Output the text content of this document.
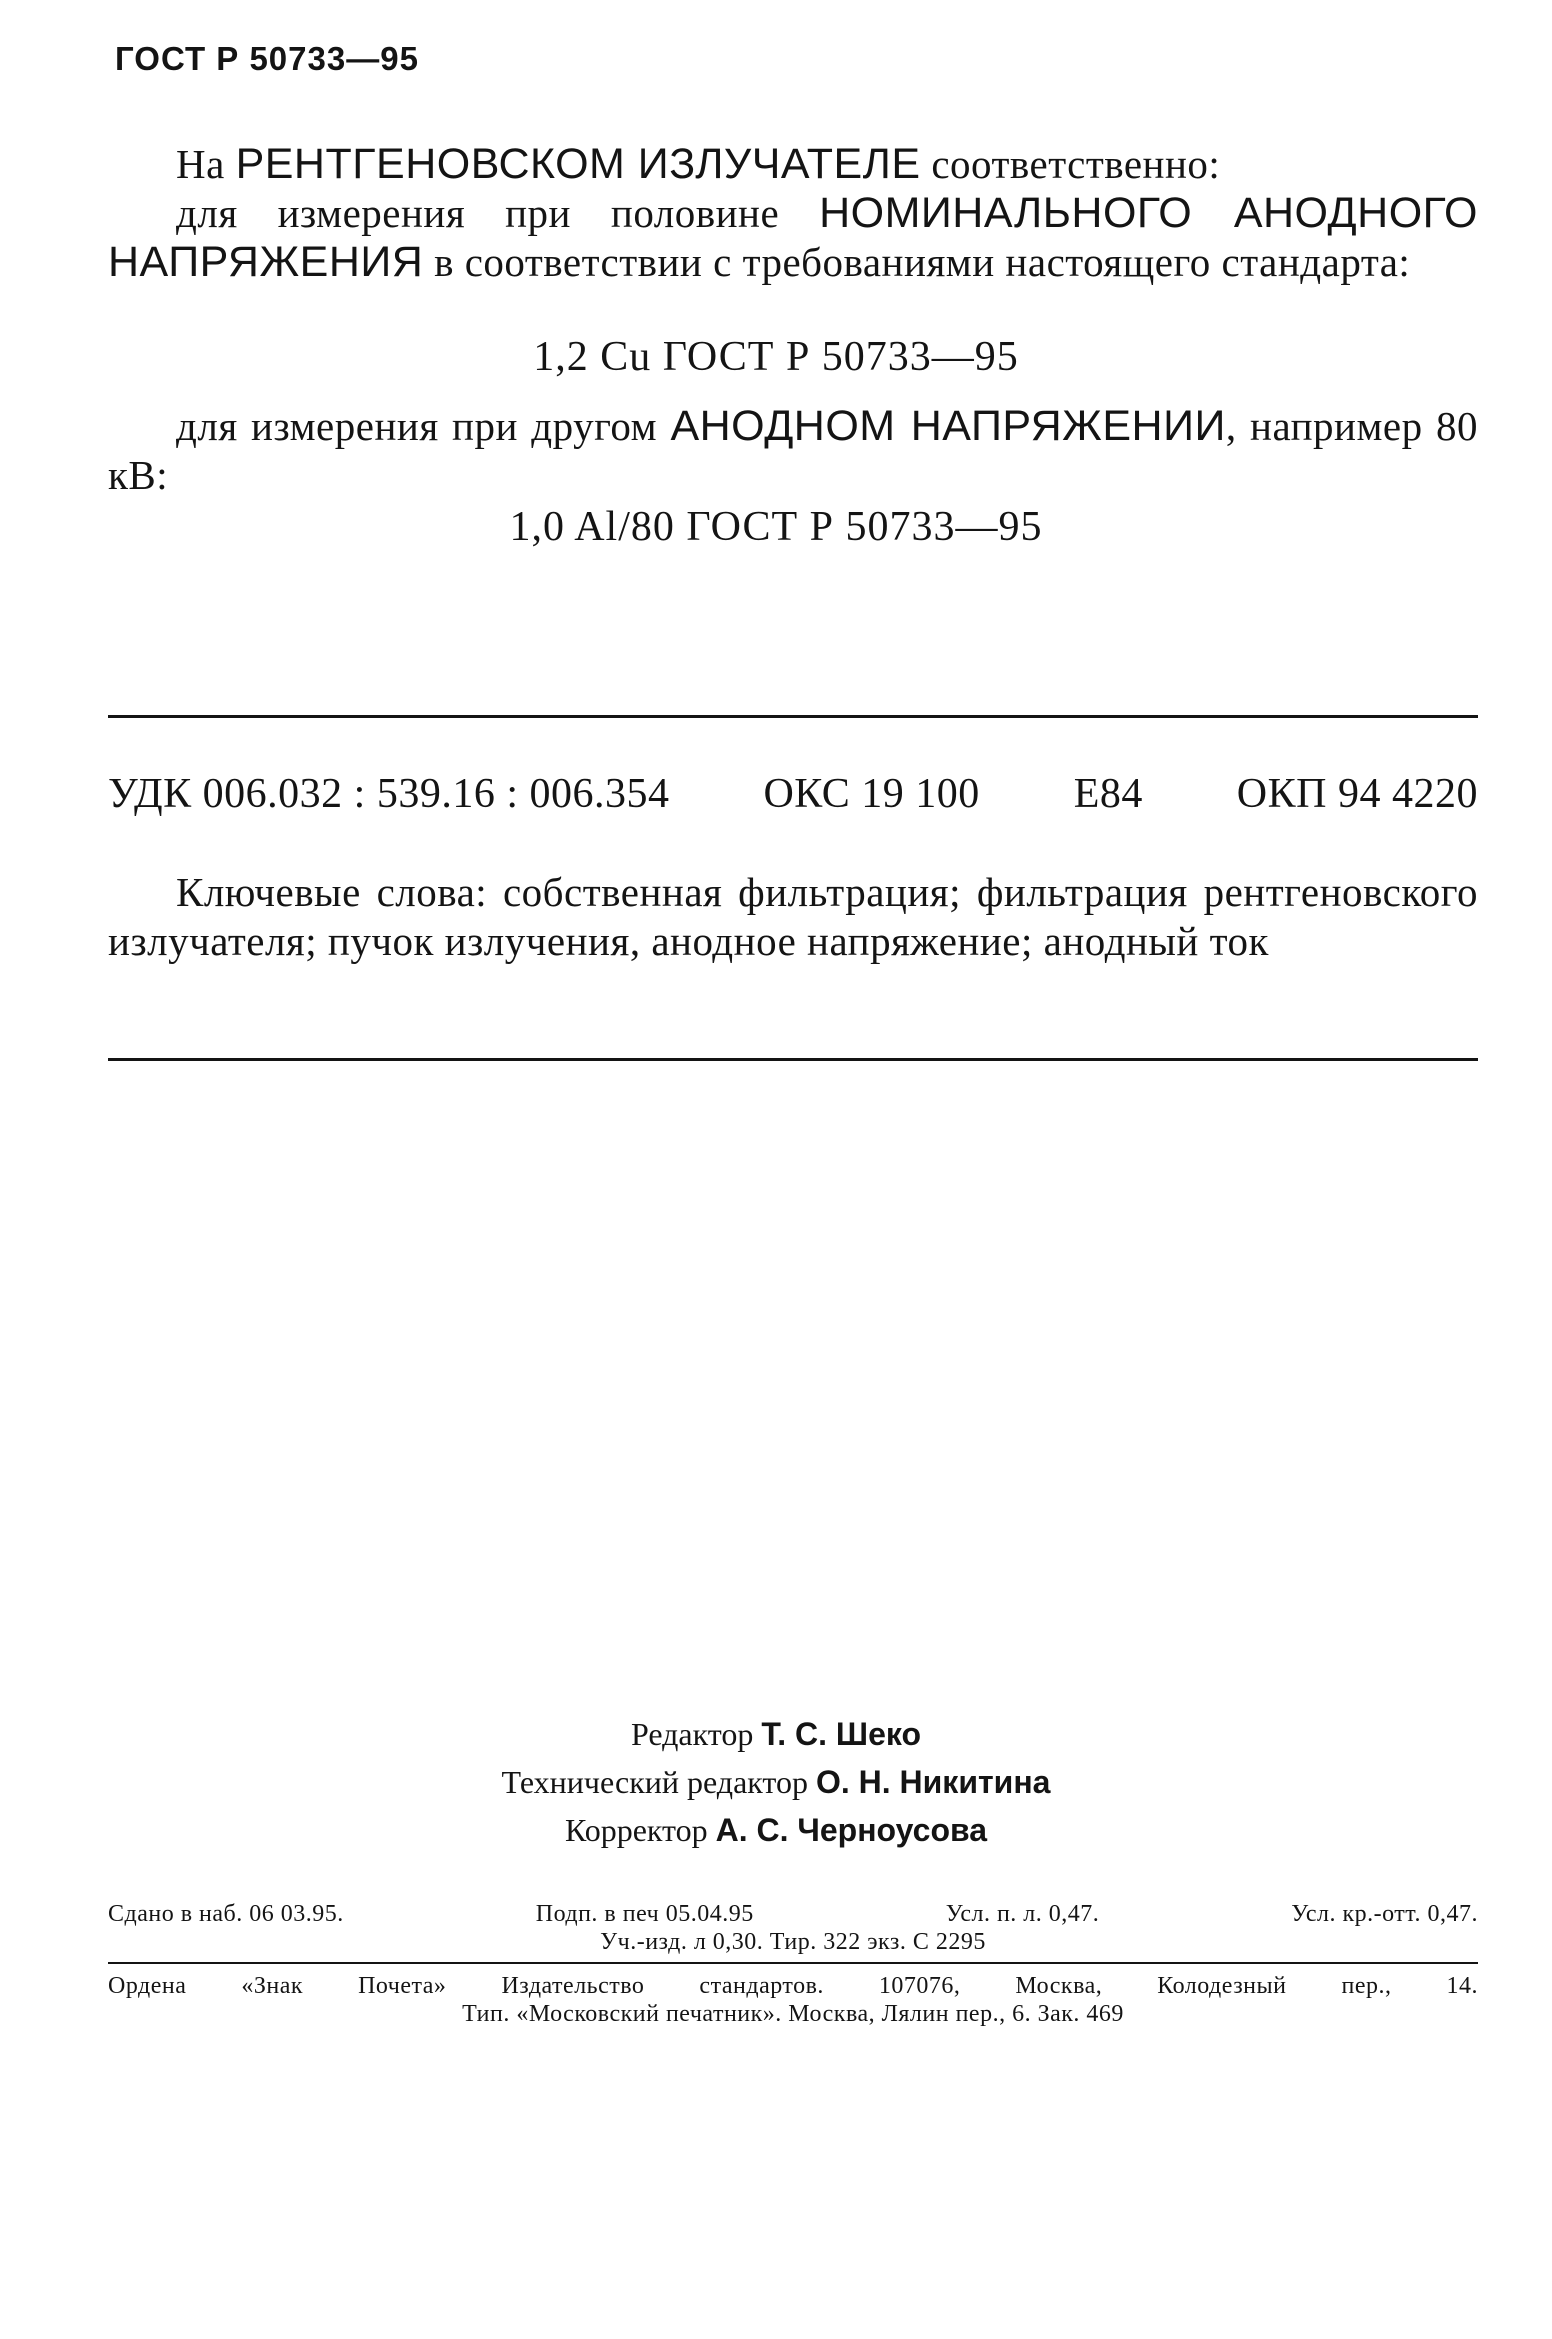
ГОСТ Р 50733—95
На РЕНТГЕНОВСКОМ ИЗЛУЧАТЕЛЕ соответственно:
для измерения при половине НОМИНАЛЬНОГО АНОДНОГО НАПРЯЖЕНИЯ в соответствии с требованиями настоящего стандарта:
1,2 Cu ГОСТ Р 50733—95
для измерения при другом АНОДНОМ НАПРЯЖЕНИИ, например 80 кВ:
1,0 Al/80 ГОСТ Р 50733—95
УДК 006.032 : 539.16 : 006.354 ОКС 19 100 Е84 ОКП 94 4220
Ключевые слова: собственная фильтрация; фильтрация рентгеновского излучателя; пучок излучения, анодное напряжение; анодный ток
Редактор Т. С. Шеко
Технический редактор О. Н. Никитина
Корректор А. С. Черноусова
Сдано в наб. 06 03.95.	Подп. в печ 05.04.95	Усл. п. л. 0,47.	Усл. кр.-отт. 0,47.
Уч.-изд. л 0,30. Тир. 322 экз. С 2295
Ордена «Знак Почета» Издательство стандартов. 107076, Москва, Колодезный пер., 14.
Тип. «Московский печатник». Москва, Лялин пер., 6. Зак. 469
